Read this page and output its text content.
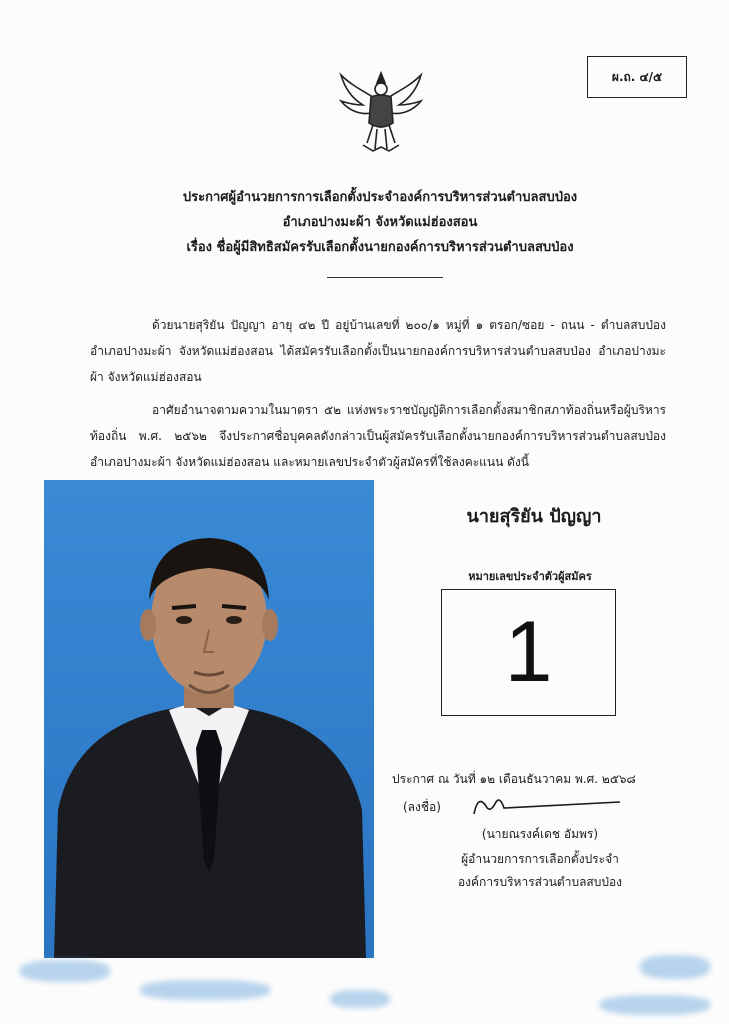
ผ.ถ. ๔/๕
ประกาศผู้อำนวยการการเลือกตั้งประจำองค์การบริหารส่วนตำบลสบป่อง
อำเภอปางมะผ้า จังหวัดแม่ฮ่องสอน
เรื่อง ชื่อผู้มีสิทธิสมัครรับเลือกตั้งนายกองค์การบริหารส่วนตำบลสบป่อง
ด้วยนายสุริยัน ปัญญา อายุ ๔๒ ปี อยู่บ้านเลขที่ ๒๐๐/๑ หมู่ที่ ๑ ตรอก/ซอย - ถนน - ตำบลสบป่อง อำเภอปางมะผ้า จังหวัดแม่ฮ่องสอน ได้สมัครรับเลือกตั้งเป็นนายกองค์การบริหารส่วนตำบลสบป่อง อำเภอปางมะผ้า จังหวัดแม่ฮ่องสอน
อาศัยอำนาจตามความในมาตรา ๕๒ แห่งพระราชบัญญัติการเลือกตั้งสมาชิกสภาท้องถิ่นหรือผู้บริหารท้องถิ่น พ.ศ. ๒๕๖๒ จึงประกาศชื่อบุคคลดังกล่าวเป็นผู้สมัครรับเลือกตั้งนายกองค์การบริหารส่วนตำบลสบป่อง อำเภอปางมะผ้า จังหวัดแม่ฮ่องสอน และหมายเลขประจำตัวผู้สมัครที่ใช้ลงคะแนน ดังนี้
นายสุริยัน ปัญญา
หมายเลขประจำตัวผู้สมัคร
1
ประกาศ ณ วันที่ ๑๒ เดือนธันวาคม พ.ศ. ๒๕๖๘
(ลงชื่อ)
(นายณรงค์เดช อัมพร)
ผู้อำนวยการการเลือกตั้งประจำ
องค์การบริหารส่วนตำบลสบป่อง
